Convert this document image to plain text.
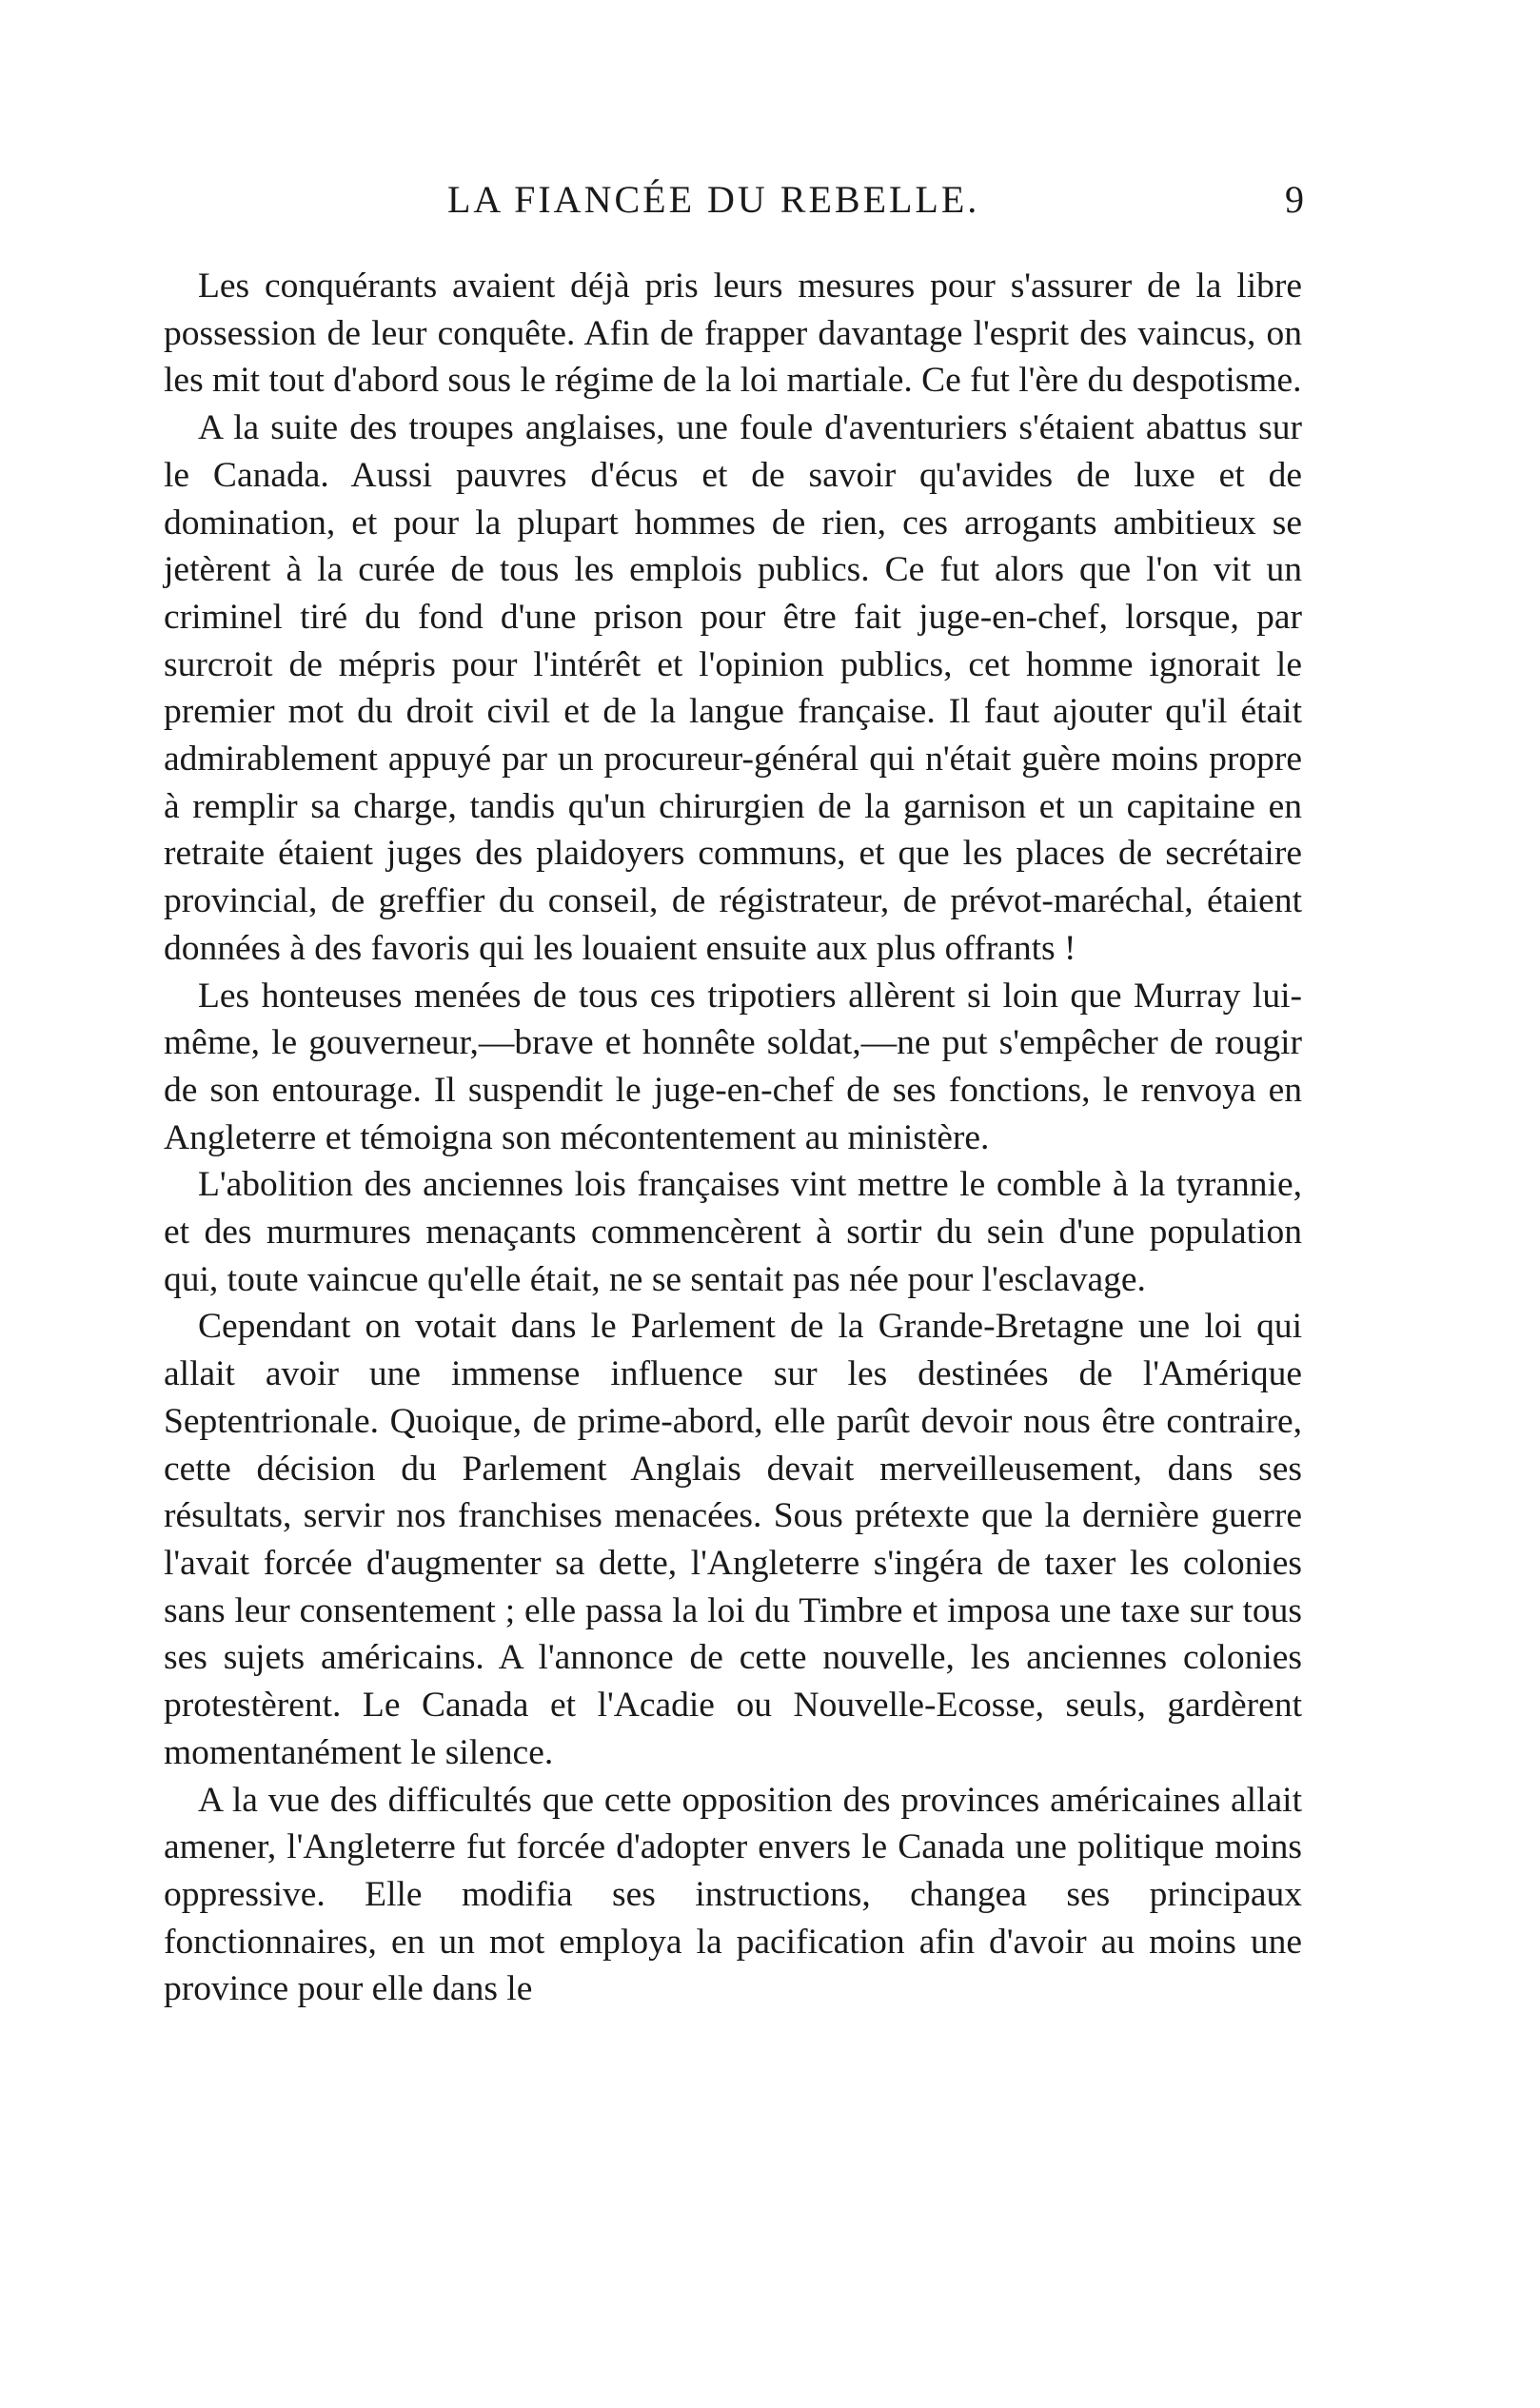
LA FIANCÉE DU REBELLE.	9

Les conquérants avaient déjà pris leurs mesures pour s'assurer de la libre possession de leur conquête. Afin de frapper davantage l'esprit des vaincus, on les mit tout d'abord sous le régime de la loi martiale. Ce fut l'ère du despotisme.

A la suite des troupes anglaises, une foule d'aventuriers s'étaient abattus sur le Canada. Aussi pauvres d'écus et de savoir qu'avides de luxe et de domination, et pour la plupart hommes de rien, ces arrogants ambitieux se jetèrent à la curée de tous les emplois publics. Ce fut alors que l'on vit un criminel tiré du fond d'une prison pour être fait juge-en-chef, lorsque, par surcroit de mépris pour l'intérêt et l'opinion publics, cet homme ignorait le premier mot du droit civil et de la langue française. Il faut ajouter qu'il était admirablement appuyé par un procureur-général qui n'était guère moins propre à remplir sa charge, tandis qu'un chirurgien de la garnison et un capitaine en retraite étaient juges des plaidoyers communs, et que les places de secrétaire provincial, de greffier du conseil, de régistrateur, de prévot-maréchal, étaient données à des favoris qui les louaient ensuite aux plus offrants !

Les honteuses menées de tous ces tripotiers allèrent si loin que Murray lui-même, le gouverneur,—brave et honnête soldat,—ne put s'empêcher de rougir de son entourage. Il suspendit le juge-en-chef de ses fonctions, le renvoya en Angleterre et témoigna son mécontentement au ministère.

L'abolition des anciennes lois françaises vint mettre le comble à la tyrannie, et des murmures menaçants commencèrent à sortir du sein d'une population qui, toute vaincue qu'elle était, ne se sentait pas née pour l'esclavage.

Cependant on votait dans le Parlement de la Grande-Bretagne une loi qui allait avoir une immense influence sur les destinées de l'Amérique Septentrionale. Quoique, de prime-abord, elle parût devoir nous être contraire, cette décision du Parlement Anglais devait merveilleusement, dans ses résultats, servir nos franchises menacées. Sous prétexte que la dernière guerre l'avait forcée d'augmenter sa dette, l'Angleterre s'ingéra de taxer les colonies sans leur consentement ; elle passa la loi du Timbre et imposa une taxe sur tous ses sujets américains. A l'annonce de cette nouvelle, les anciennes colonies protestèrent. Le Canada et l'Acadie ou Nouvelle-Ecosse, seuls, gardèrent momentanément le silence.

A la vue des difficultés que cette opposition des provinces américaines allait amener, l'Angleterre fut forcée d'adopter envers le Canada une politique moins oppressive. Elle modifia ses instructions, changea ses principaux fonctionnaires, en un mot employa la pacification afin d'avoir au moins une province pour elle dans le
